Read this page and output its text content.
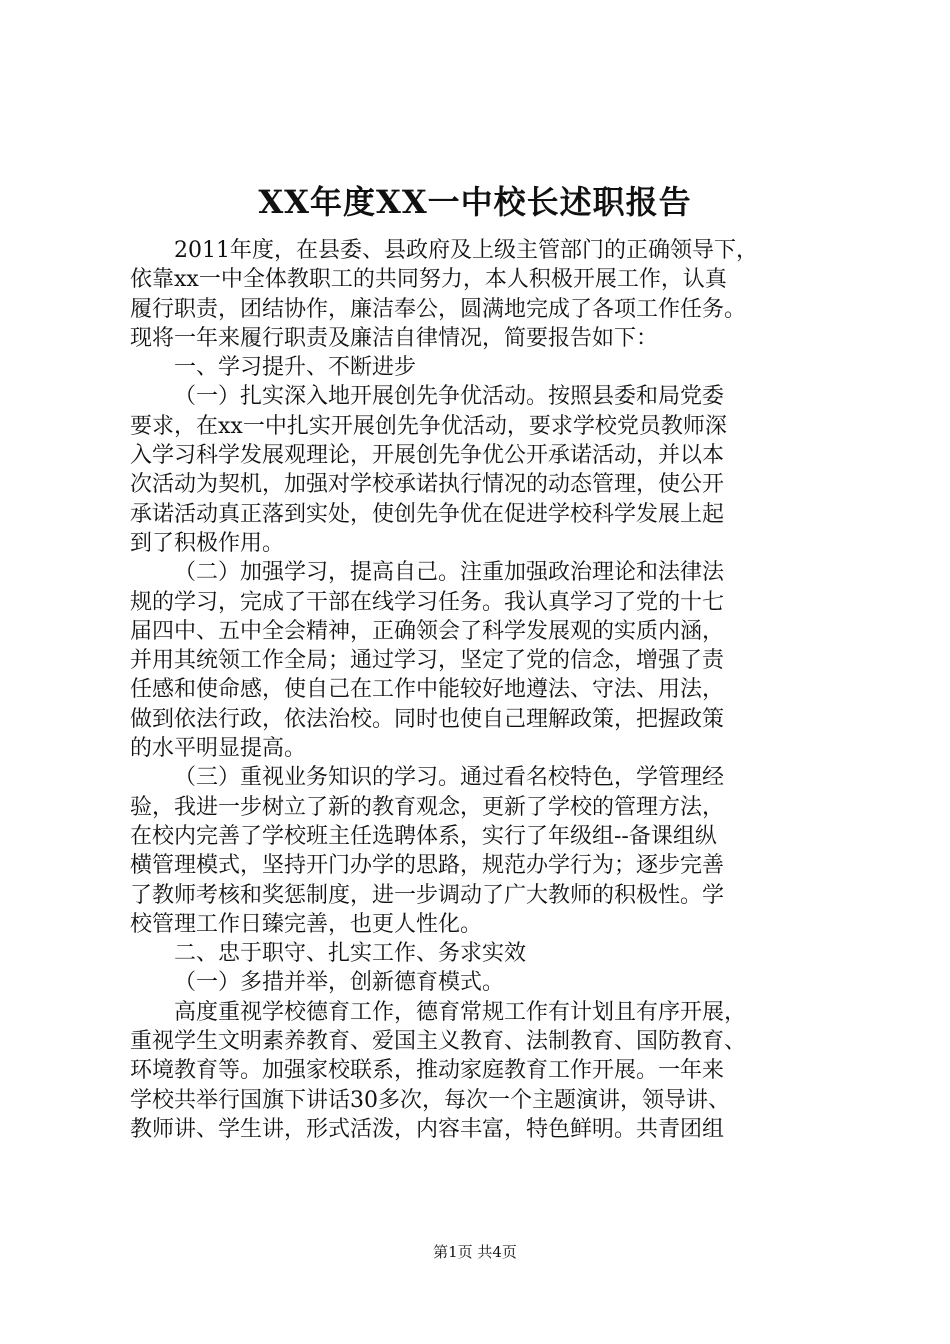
XX年度XX一中校长述职报告
2011年度，在县委、县政府及上级主管部门的正确领导下，
依靠xx一中全体教职工的共同努力，本人积极开展工作，认真
履行职责，团结协作，廉洁奉公，圆满地完成了各项工作任务。
现将一年来履行职责及廉洁自律情况，简要报告如下：
一、学习提升、不断进步
（一）扎实深入地开展创先争优活动。按照县委和局党委
要求，在xx一中扎实开展创先争优活动，要求学校党员教师深
入学习科学发展观理论，开展创先争优公开承诺活动，并以本
次活动为契机，加强对学校承诺执行情况的动态管理，使公开
承诺活动真正落到实处，使创先争优在促进学校科学发展上起
到了积极作用。
（二）加强学习，提高自己。注重加强政治理论和法律法
规的学习，完成了干部在线学习任务。我认真学习了党的十七
届四中、五中全会精神，正确领会了科学发展观的实质内涵，
并用其统领工作全局；通过学习，坚定了党的信念，增强了责
任感和使命感，使自己在工作中能较好地遵法、守法、用法，
做到依法行政，依法治校。同时也使自己理解政策，把握政策
的水平明显提高。
（三）重视业务知识的学习。通过看名校特色，学管理经
验，我进一步树立了新的教育观念，更新了学校的管理方法，
在校内完善了学校班主任选聘体系，实行了年级组--备课组纵
横管理模式，坚持开门办学的思路，规范办学行为；逐步完善
了教师考核和奖惩制度，进一步调动了广大教师的积极性。学
校管理工作日臻完善，也更人性化。
二、忠于职守、扎实工作、务求实效
（一）多措并举，创新德育模式。
高度重视学校德育工作，德育常规工作有计划且有序开展，
重视学生文明素养教育、爱国主义教育、法制教育、国防教育、
环境教育等。加强家校联系，推动家庭教育工作开展。一年来
学校共举行国旗下讲话30多次，每次一个主题演讲，领导讲、
教师讲、学生讲，形式活泼，内容丰富，特色鲜明。共青团组
第1页 共4页
